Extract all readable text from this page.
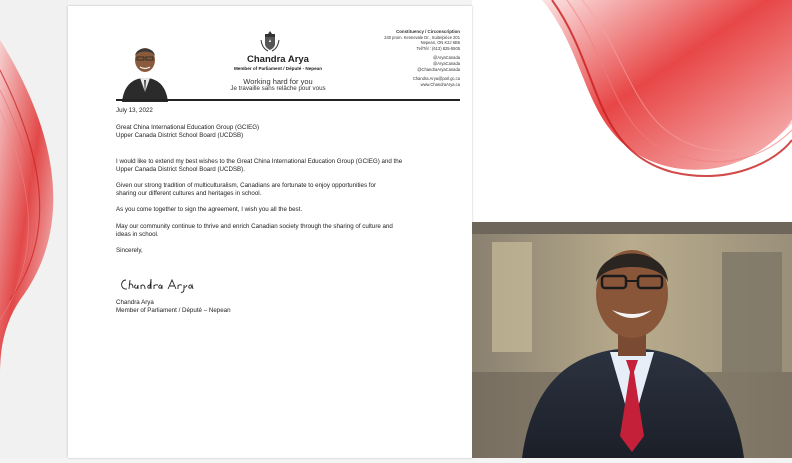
Chandra Arya
Member of Parliament / Député - Nepean
Working hard for you
Je travaille sans relâche pour vous
Constituency / Circonscription
240 prom. Kennevale Dr., Suite/pièce 201
Nepean, ON K2J 6B6
Tel/Tél : (613) 825-5505
@AryaCanada
@AryaCanada
@ChandraAryaCanada
Chandra.Arya@parl.gc.ca
www.ChandraArya.ca

July 13, 2022

Great China International Education Group (GCIEG)

Upper Canada District School Board (UCDSB)

I would like to extend my best wishes to the Great China International Education Group (GCIEG) and the

Upper Canada District School Board (UCDSB).

Given our strong tradition of multiculturalism, Canadians are fortunate to enjoy opportunities for

sharing our different cultures and heritages in school.

As you come together to sign the agreement, I wish you all the best.

May our community continue to thrive and enrich Canadian society through the sharing of culture and

ideas in school.

Sincerely,

Chandra Arya

Member of Parliament / Député – Nepean
